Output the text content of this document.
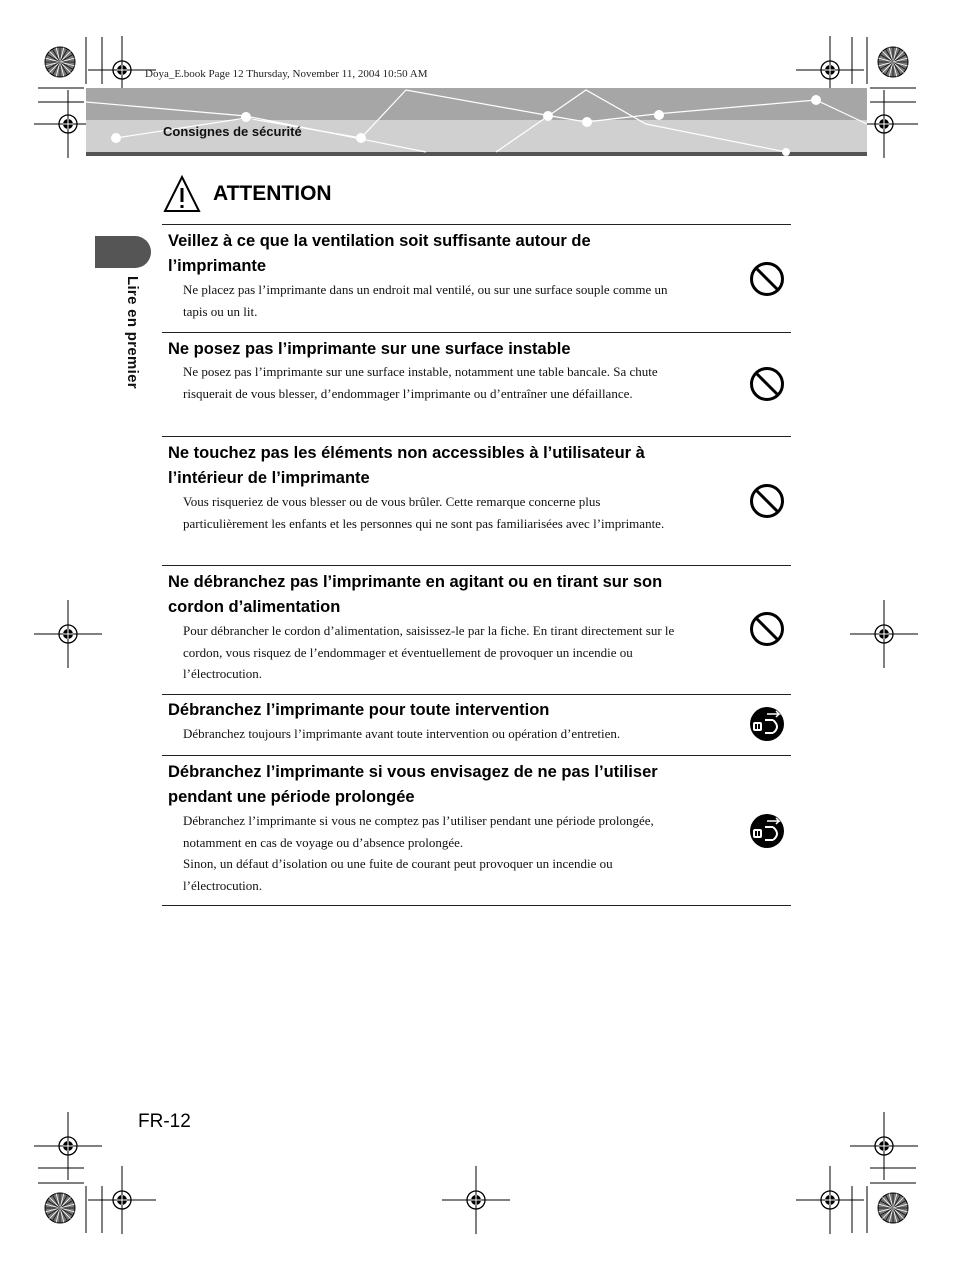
Doya_E.book Page 12 Thursday, November 11, 2004 10:50 AM
Consignes de sécurité
Lire en premier
ATTENTION
Veillez à ce que la ventilation soit suffisante autour de l’imprimante

Ne placez pas l’imprimante dans un endroit mal ventilé, ou sur une surface souple comme un tapis ou un lit.

Ne posez pas l’imprimante sur une surface instable

Ne posez pas l’imprimante sur une surface instable, notamment une table bancale. Sa chute risquerait de vous blesser, d’endommager l’imprimante ou d’entraîner une défaillance.

Ne touchez pas les éléments non accessibles à l’utilisateur à l’intérieur de l’imprimante

Vous risqueriez de vous blesser ou de vous brûler. Cette remarque concerne plus particulièrement les enfants et les personnes qui ne sont pas familiarisées avec l’imprimante.

Ne débranchez pas l’imprimante en agitant ou en tirant sur son cordon d’alimentation

Pour débrancher le cordon d’alimentation, saisissez-le par la fiche. En tirant directement sur le cordon, vous risquez de l’endommager et éventuellement de provoquer un incendie ou l’électrocution.

Débranchez l’imprimante pour toute intervention

Débranchez toujours l’imprimante avant toute intervention ou opération d’entretien.

Débranchez l’imprimante si vous envisagez de ne pas l’utiliser pendant une période prolongée

Débranchez l’imprimante si vous ne comptez pas l’utiliser pendant une période prolongée, notamment en cas de voyage ou d’absence prolongée.

Sinon, un défaut d’isolation ou une fuite de courant peut provoquer un incendie ou l’électrocution.

FR-12
